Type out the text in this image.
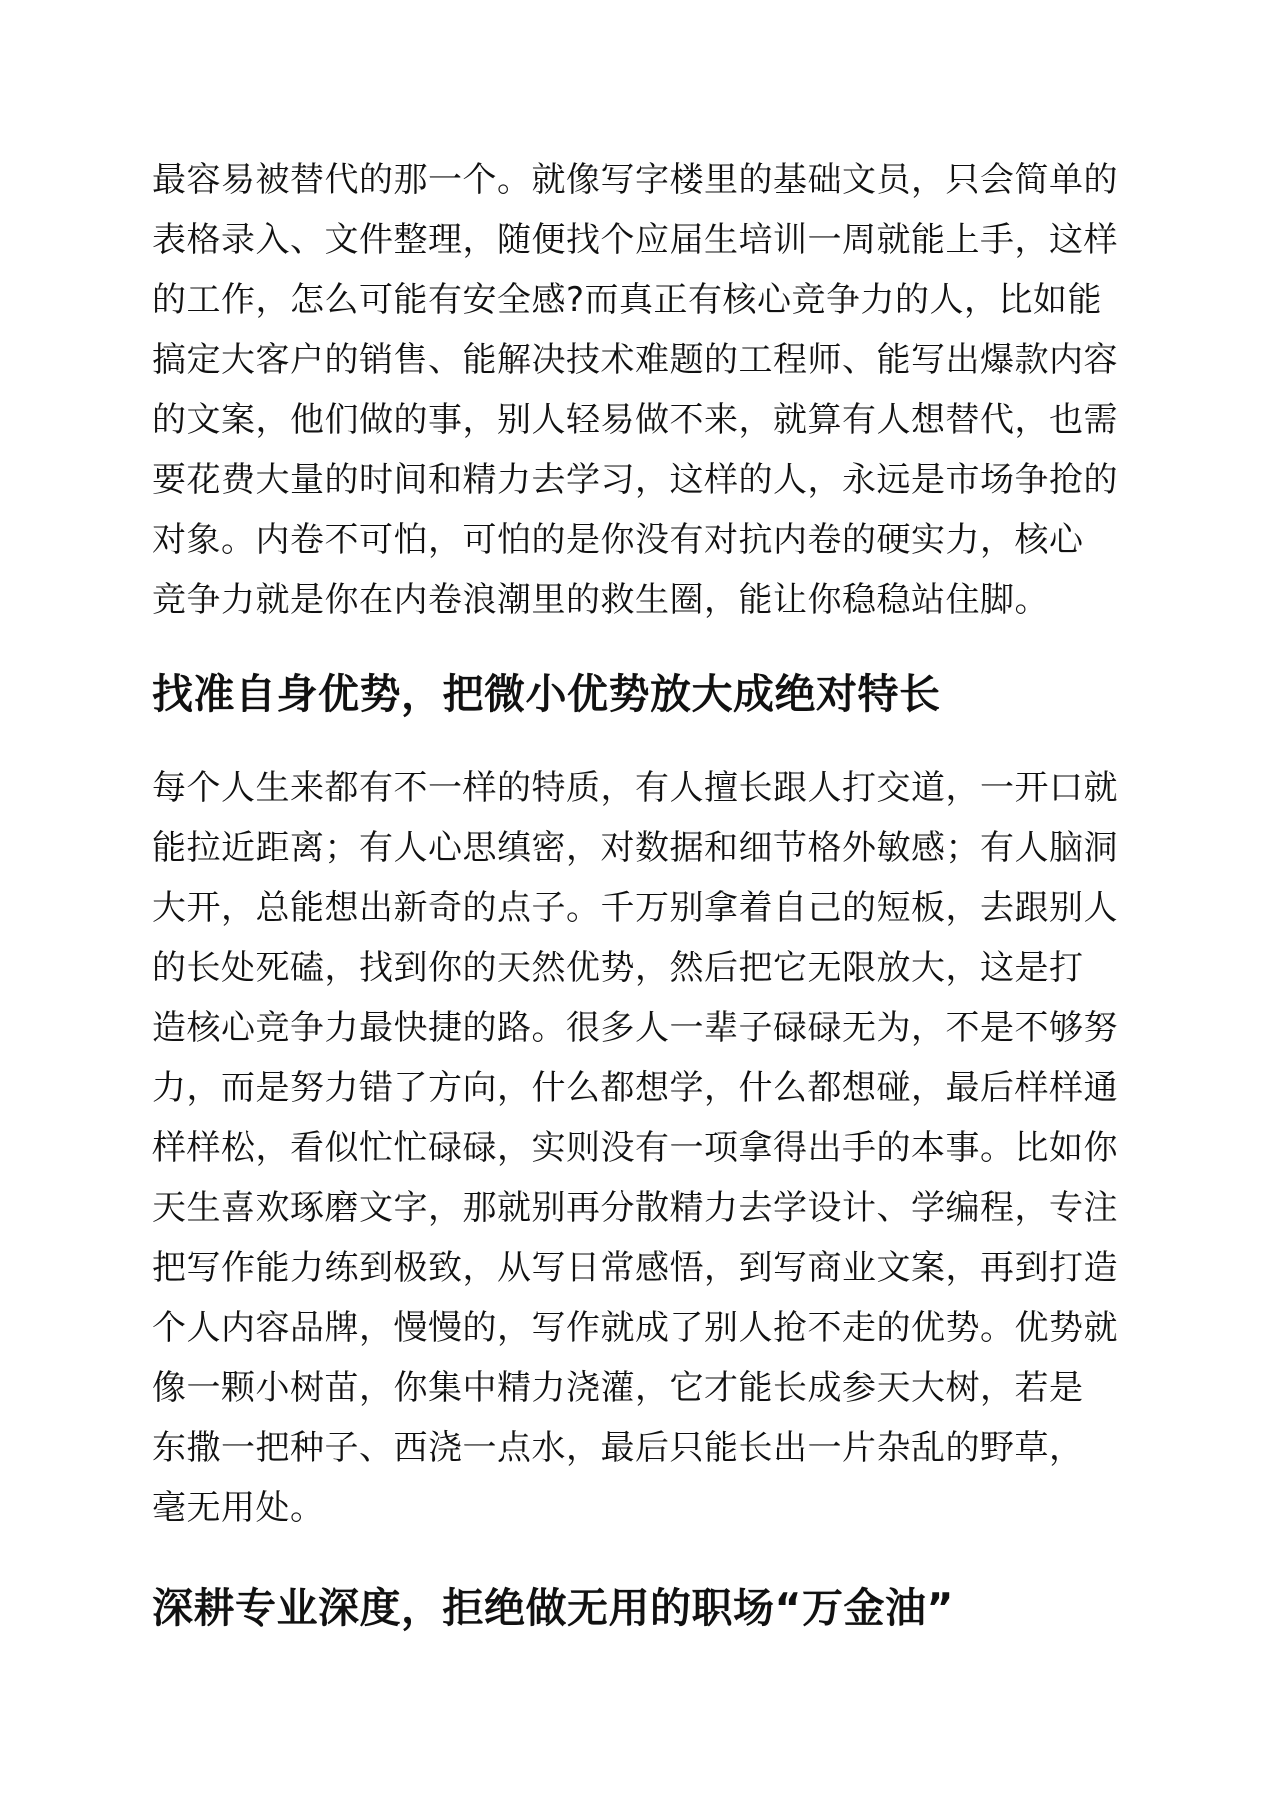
最容易被替代的那一个。就像写字楼里的基础文员，只会简单的
表格录入、文件整理，随便找个应届生培训一周就能上手，这样
的工作，怎么可能有安全感?而真正有核心竞争力的人，比如能
搞定大客户的销售、能解决技术难题的工程师、能写出爆款内容
的文案，他们做的事，别人轻易做不来，就算有人想替代，也需
要花费大量的时间和精力去学习，这样的人，永远是市场争抢的
对象。内卷不可怕，可怕的是你没有对抗内卷的硬实力，核心
竞争力就是你在内卷浪潮里的救生圈，能让你稳稳站住脚。
找准自身优势，把微小优势放大成绝对特长
每个人生来都有不一样的特质，有人擅长跟人打交道，一开口就
能拉近距离；有人心思缜密，对数据和细节格外敏感；有人脑洞
大开，总能想出新奇的点子。千万别拿着自己的短板，去跟别人
的长处死磕，找到你的天然优势，然后把它无限放大，这是打
造核心竞争力最快捷的路。很多人一辈子碌碌无为，不是不够努
力，而是努力错了方向，什么都想学，什么都想碰，最后样样通
样样松，看似忙忙碌碌，实则没有一项拿得出手的本事。比如你
天生喜欢琢磨文字，那就别再分散精力去学设计、学编程，专注
把写作能力练到极致，从写日常感悟，到写商业文案，再到打造
个人内容品牌，慢慢的，写作就成了别人抢不走的优势。优势就
像一颗小树苗，你集中精力浇灌，它才能长成参天大树，若是
东撒一把种子、西浇一点水，最后只能长出一片杂乱的野草，
毫无用处。
深耕专业深度，拒绝做无用的职场“万金油”
